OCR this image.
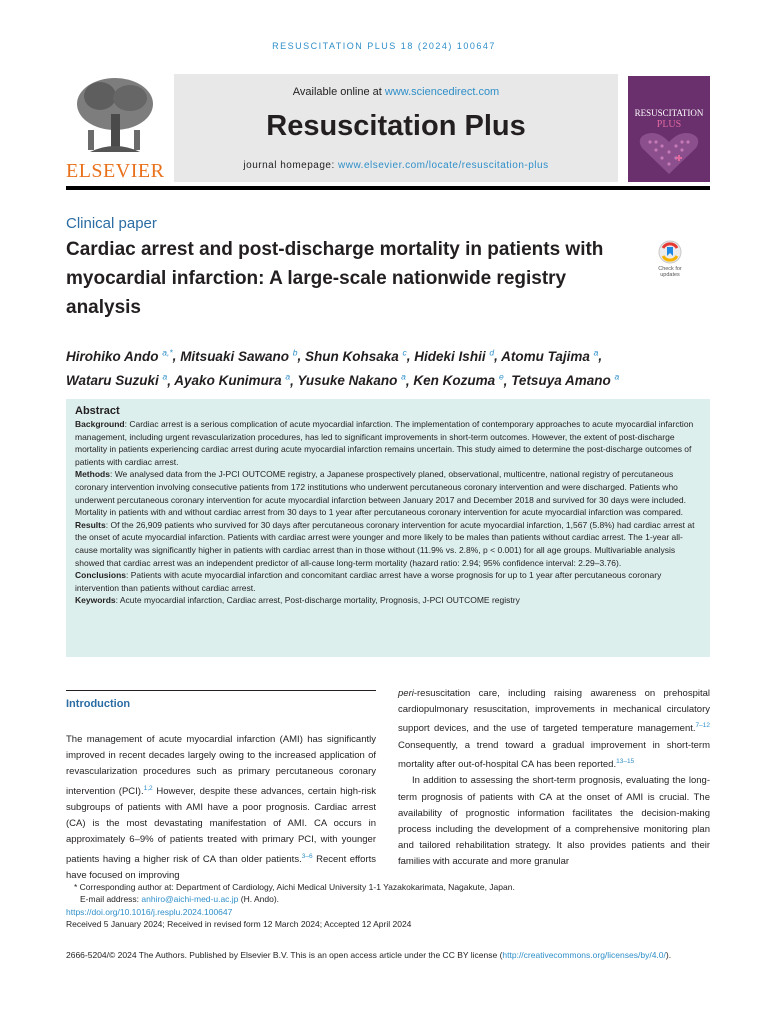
RESUSCITATION PLUS 18 (2024) 100647
ELSEVIER
Available online at www.sciencedirect.com
Resuscitation Plus
journal homepage: www.elsevier.com/locate/resuscitation-plus
RESUSCITATION
PLUS
Clinical paper
Cardiac arrest and post-discharge mortality in patients with myocardial infarction: A large-scale nationwide registry analysis
Check for updates
Hirohiko Ando $^{a,*}$, Mitsuaki Sawano $^b$, Shun Kohsaka $^c$, Hideki Ishii $^d$, Atomu Tajima $^a$,
Wataru Suzuki $^a$, Ayako Kunimura $^a$, Yusuke Nakano $^a$, Ken Kozuma $^e$, Tetsuya Amano $^a$
Abstract

Background: Cardiac arrest is a serious complication of acute myocardial infarction. The implementation of contemporary approaches to acute myocardial infarction management, including urgent revascularization procedures, has led to significant improvements in short-term outcomes. However, the extent of post-discharge mortality in patients experiencing cardiac arrest during acute myocardial infarction remains uncertain. This study aimed to determine the post-discharge outcomes of patients with cardiac arrest.

Methods: We analysed data from the J-PCI OUTCOME registry, a Japanese prospectively planed, observational, multicentre, national registry of percutaneous coronary intervention involving consecutive patients from 172 institutions who underwent percutaneous coronary intervention and were discharged. Patients who underwent percutaneous coronary intervention for acute myocardial infarction between January 2017 and December 2018 and survived for 30 days were included. Mortality in patients with and without cardiac arrest from 30 days to 1 year after percutaneous coronary intervention for acute myocardial infarction was compared.

Results: Of the 26,909 patients who survived for 30 days after percutaneous coronary intervention for acute myocardial infarction, 1,567 (5.8%) had cardiac arrest at the onset of acute myocardial infarction. Patients with cardiac arrest were younger and more likely to be males than patients without cardiac arrest. The 1-year all-cause mortality was significantly higher in patients with cardiac arrest than in those without (11.9% vs. 2.8%, p < 0.001) for all age groups. Multivariable analysis showed that cardiac arrest was an independent predictor of all-cause long-term mortality (hazard ratio: 2.94; 95% confidence interval: 2.29–3.76).

Conclusions: Patients with acute myocardial infarction and concomitant cardiac arrest have a worse prognosis for up to 1 year after percutaneous coronary intervention than patients without cardiac arrest.

Keywords: Acute myocardial infarction, Cardiac arrest, Post-discharge mortality, Prognosis, J-PCI OUTCOME registry

Introduction

The management of acute myocardial infarction (AMI) has significantly improved in recent decades largely owing to the increased application of revascularization procedures such as primary percutaneous coronary intervention (PCI).$^{1,2}$ However, despite these advances, certain high-risk subgroups of patients with AMI have a poor prognosis. Cardiac arrest (CA) is the most devastating manifestation of AMI. CA occurs in approximately 6–9% of patients treated with primary PCI, with younger patients having a higher risk of CA than older patients.$^{3-6}$ Recent efforts have focused on improving

peri-resuscitation care, including raising awareness on prehospital cardiopulmonary resuscitation, improvements in mechanical circulatory support devices, and the use of targeted temperature management.$^{7-12}$ Consequently, a trend toward a gradual improvement in short-term mortality after out-of-hospital CA has been reported.$^{13-15}$

In addition to assessing the short-term prognosis, evaluating the long-term prognosis of patients with CA at the onset of AMI is crucial. The availability of prognostic information facilitates the decision-making process including the development of a comprehensive monitoring plan and tailored rehabilitation strategy. It also provides patients and their families with accurate and more granular

* Corresponding author at: Department of Cardiology, Aichi Medical University 1-1 Yazakokarimata, Nagakute, Japan.
E-mail address: anhiro@aichi-med-u.ac.jp (H. Ando).
https://doi.org/10.1016/j.resplu.2024.100647
Received 5 January 2024; Received in revised form 12 March 2024; Accepted 12 April 2024
2666-5204/© 2024 The Authors. Published by Elsevier B.V. This is an open access article under the CC BY license (http://creativecommons.org/licenses/by/4.0/).
